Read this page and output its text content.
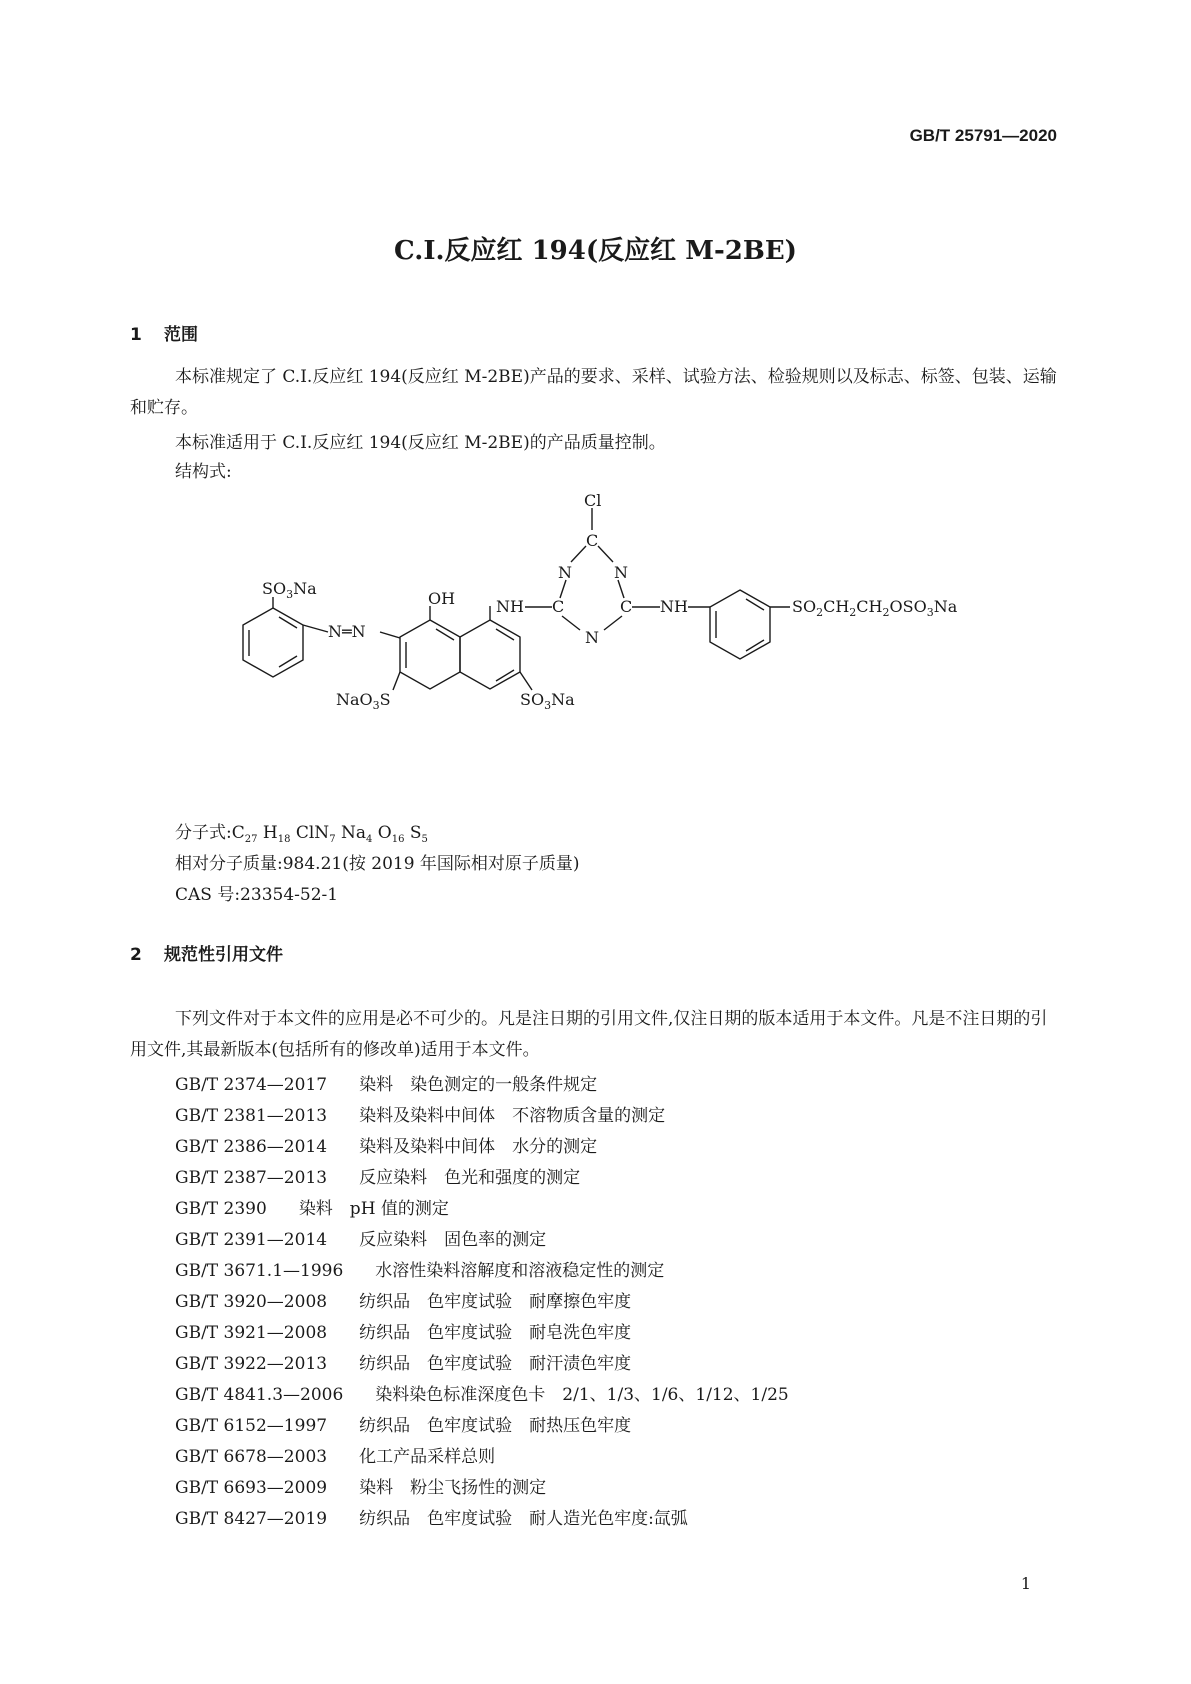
GB/T 25791—2020
C.I.反应红 194(反应红 M-2BE)
1 范围

本标准规定了 C.I.反应红 194(反应红 M-2BE)产品的要求、采样、试验方法、检验规则以及标志、标签、包装、运输和贮存。

本标准适用于 C.I.反应红 194(反应红 M-2BE)的产品质量控制。
结构式:
Cl
C
N	N
C	C
N
NH	NH
OH
N═N
$SO_3Na$
NaO$_3$S	$SO_3Na$
$SO_2CH_2CH_2OSO_3Na$
分子式$:C_{27}$ $H_{18}$ ClN$_7$ $Na_4$ $O_{16}$ $S_5$
相对分子质量:984.21(按 2019 年国际相对原子质量)
CAS 号:23354-52-1
2 规范性引用文件

下列文件对于本文件的应用是必不可少的。凡是注日期的引用文件,仅注日期的版本适用于本文件。凡是不注日期的引用文件,其最新版本(包括所有的修改单)适用于本文件。

GB/T 2374—2017 染料　染色测定的一般条件规定
GB/T 2381—2013 染料及染料中间体　不溶物质含量的测定
GB/T 2386—2014 染料及染料中间体　水分的测定
GB/T 2387—2013 反应染料　色光和强度的测定
GB/T 2390 染料　pH 值的测定
GB/T 2391—2014 反应染料　固色率的测定
GB/T 3671.1—1996 水溶性染料溶解度和溶液稳定性的测定
GB/T 3920—2008 纺织品　色牢度试验　耐摩擦色牢度
GB/T 3921—2008 纺织品　色牢度试验　耐皂洗色牢度
GB/T 3922—2013 纺织品　色牢度试验　耐汗渍色牢度
GB/T 4841.3—2006 染料染色标准深度色卡　2/1、1/3、1/6、1/12、1/25
GB/T 6152—1997 纺织品　色牢度试验　耐热压色牢度
GB/T 6678—2003 化工产品采样总则
GB/T 6693—2009 染料　粉尘飞扬性的测定
GB/T 8427—2019 纺织品　色牢度试验　耐人造光色牢度:氙弧
1
